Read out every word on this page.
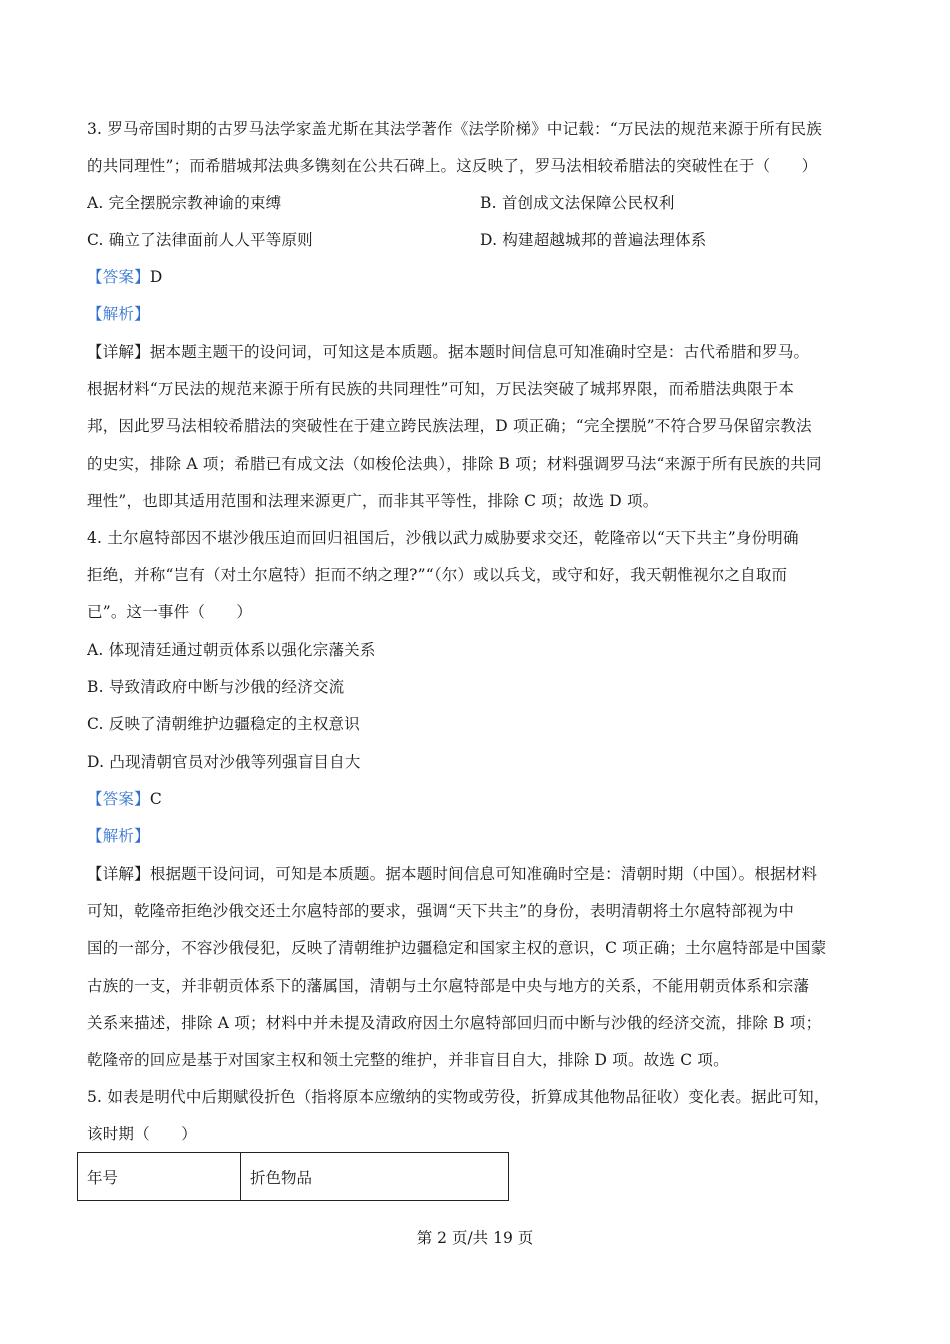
3. 罗马帝国时期的古罗马法学家盖尤斯在其法学著作《法学阶梯》中记载：“万民法的规范来源于所有民族
的共同理性”；而希腊城邦法典多镌刻在公共石碑上。这反映了，罗马法相较希腊法的突破性在于（　　）
A. 完全摆脱宗教神谕的束缚	B. 首创成文法保障公民权利
C. 确立了法律面前人人平等原则	D. 构建超越城邦的普遍法理体系
【答案】D
【解析】
【详解】据本题主题干的设问词，可知这是本质题。据本题时间信息可知准确时空是：古代希腊和罗马。
根据材料“万民法的规范来源于所有民族的共同理性”可知，万民法突破了城邦界限，而希腊法典限于本
邦，因此罗马法相较希腊法的突破性在于建立跨民族法理，D 项正确；“完全摆脱”不符合罗马保留宗教法
的史实，排除 A 项；希腊已有成文法（如梭伦法典），排除 B 项；材料强调罗马法“来源于所有民族的共同
理性”，也即其适用范围和法理来源更广，而非其平等性，排除 C 项；故选 D 项。
4. 土尔扈特部因不堪沙俄压迫而回归祖国后，沙俄以武力威胁要求交还，乾隆帝以“天下共主”身份明确
拒绝，并称“岂有（对土尔扈特）拒而不纳之理?”“（尔）或以兵戈，或守和好，我天朝惟视尔之自取而
已”。这一事件（　　）
A. 体现清廷通过朝贡体系以强化宗藩关系
B. 导致清政府中断与沙俄的经济交流
C. 反映了清朝维护边疆稳定的主权意识
D. 凸现清朝官员对沙俄等列强盲目自大
【答案】C
【解析】
【详解】根据题干设问词，可知是本质题。据本题时间信息可知准确时空是：清朝时期（中国）。根据材料
可知，乾隆帝拒绝沙俄交还土尔扈特部的要求，强调“天下共主”的身份，表明清朝将土尔扈特部视为中
国的一部分，不容沙俄侵犯，反映了清朝维护边疆稳定和国家主权的意识，C 项正确；土尔扈特部是中国蒙
古族的一支，并非朝贡体系下的藩属国，清朝与土尔扈特部是中央与地方的关系，不能用朝贡体系和宗藩
关系来描述，排除 A 项；材料中并未提及清政府因土尔扈特部回归而中断与沙俄的经济交流，排除 B 项；
乾隆帝的回应是基于对国家主权和领土完整的维护，并非盲目自大，排除 D 项。故选 C 项。
5. 如表是明代中后期赋役折色（指将原本应缴纳的实物或劳役，折算成其他物品征收）变化表。据此可知，
该时期（　　）
年号	折色物品
第 2 页/共 19 页
